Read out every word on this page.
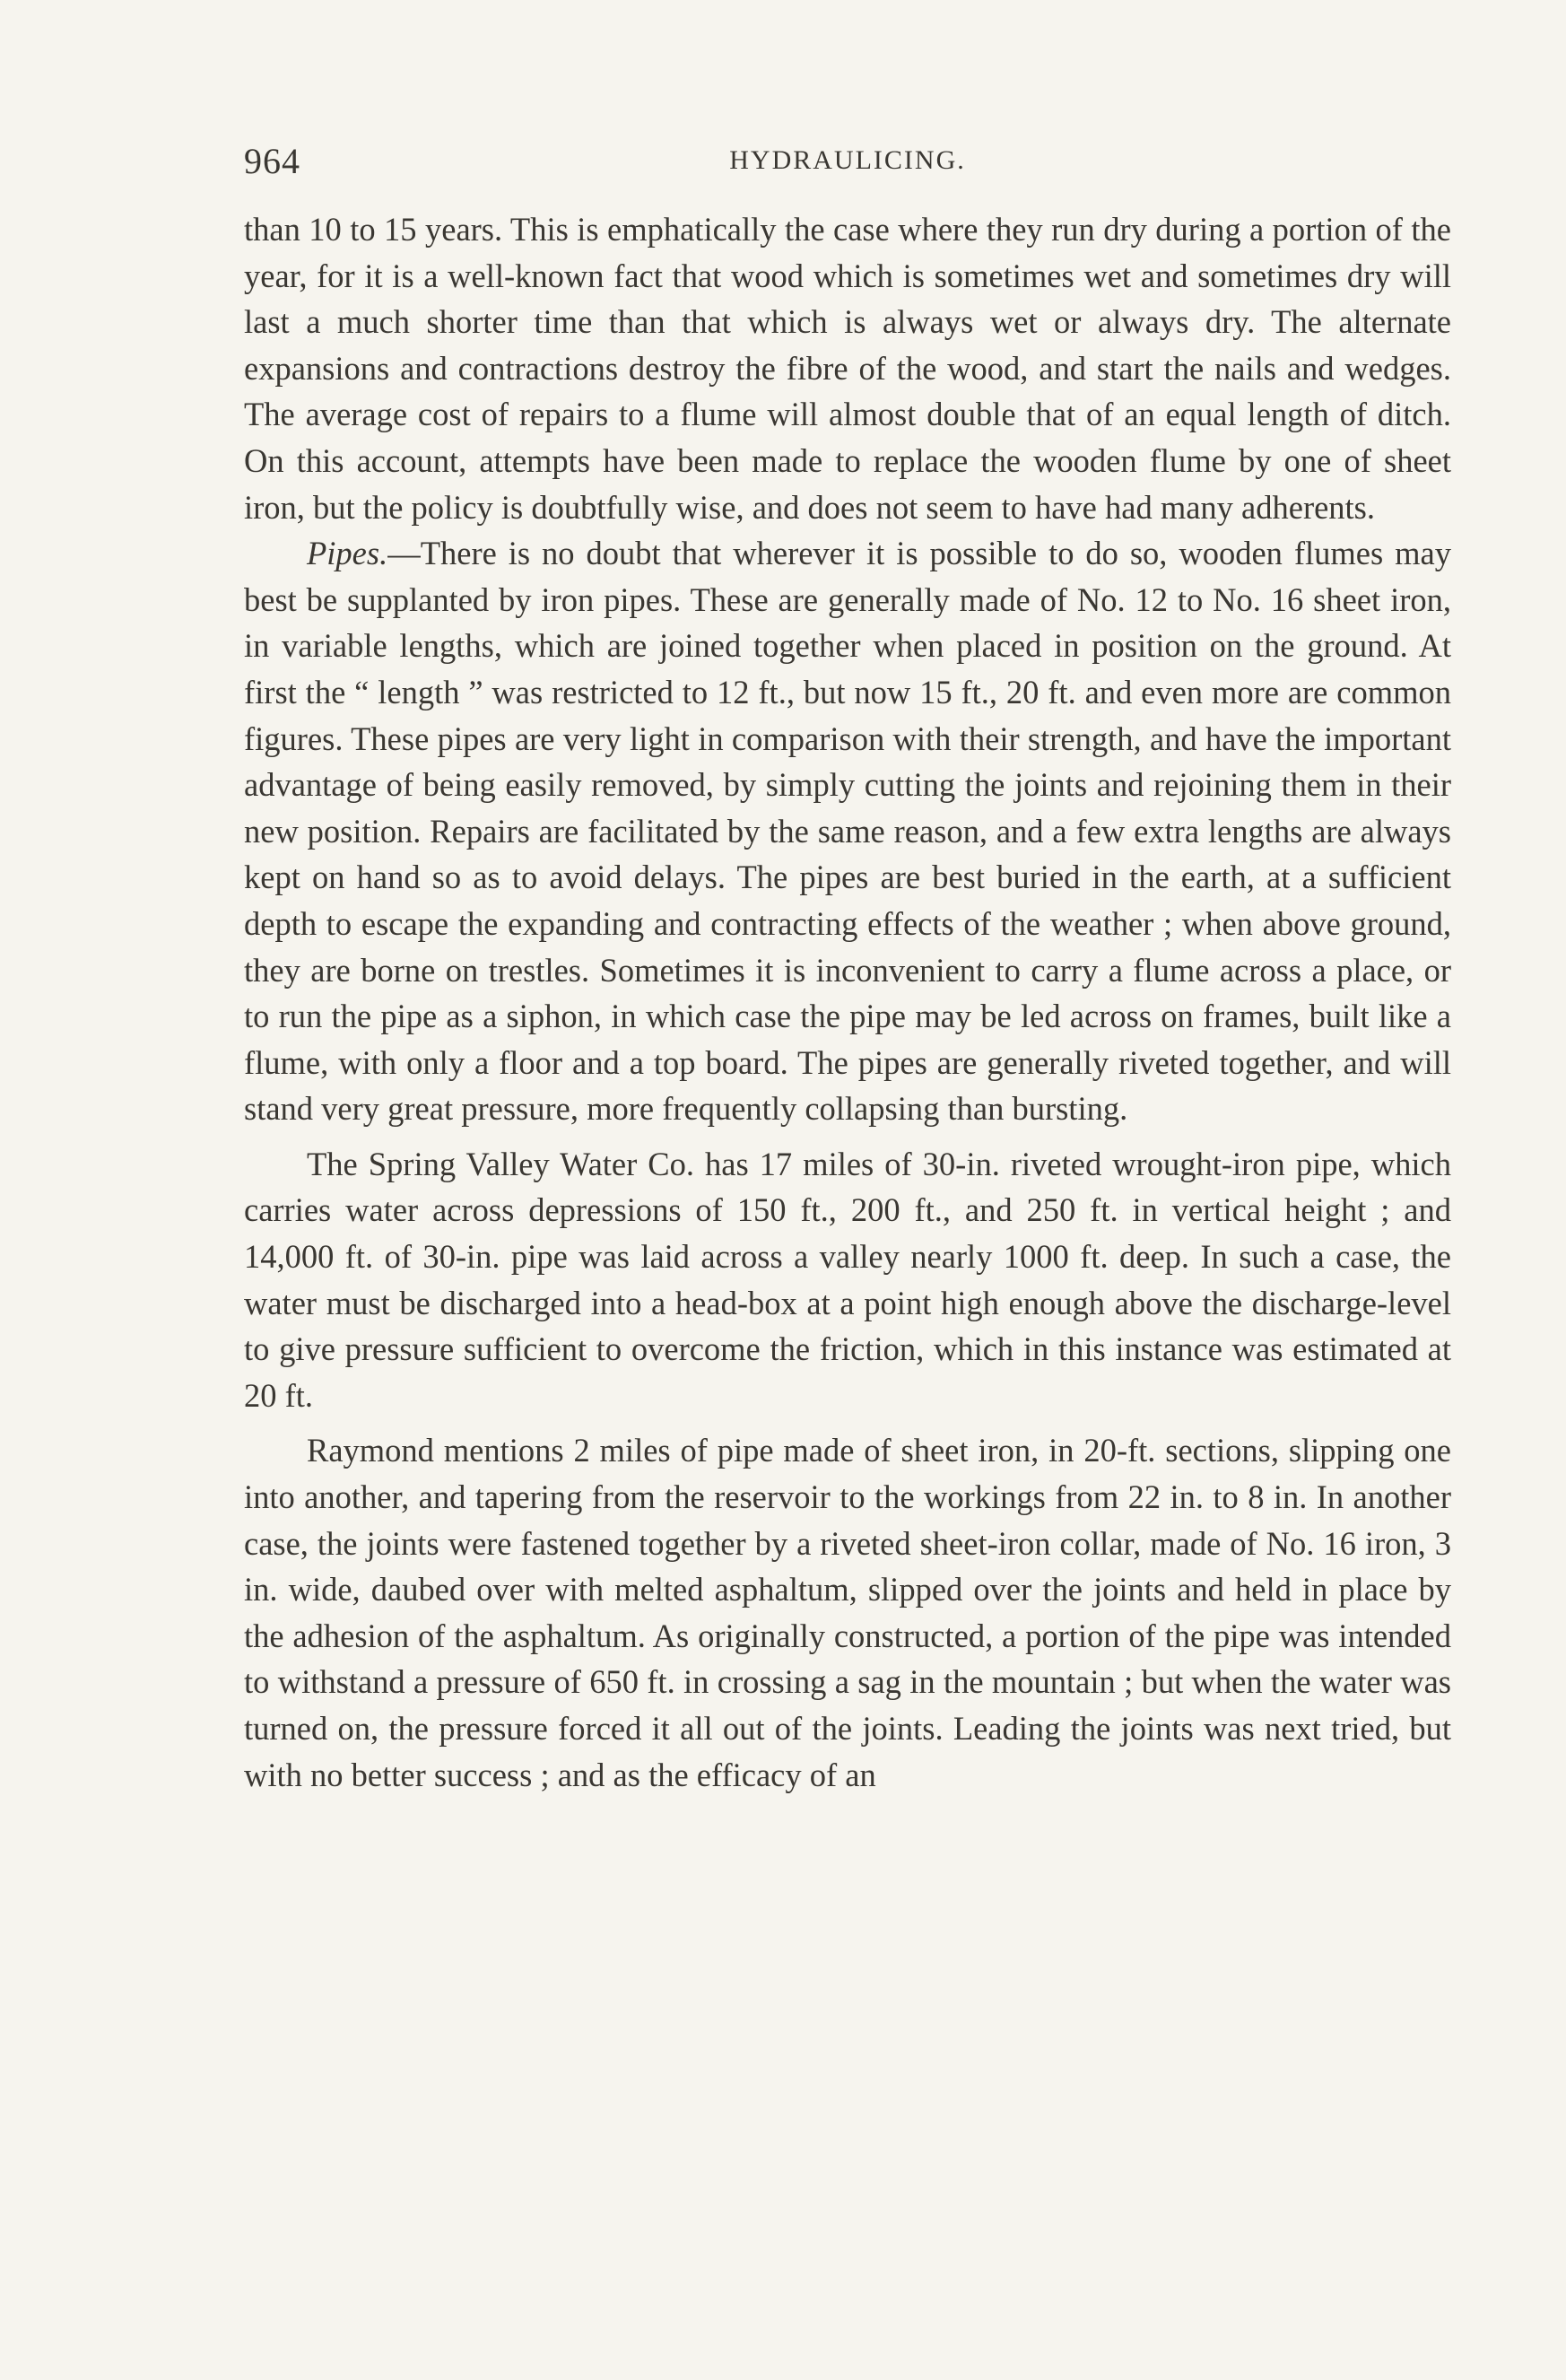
964	HYDRAULICING.

than 10 to 15 years. This is emphatically the case where they run dry during a portion of the year, for it is a well-known fact that wood which is sometimes wet and sometimes dry will last a much shorter time than that which is always wet or always dry. The alternate expansions and contractions destroy the fibre of the wood, and start the nails and wedges. The average cost of repairs to a flume will almost double that of an equal length of ditch. On this account, attempts have been made to replace the wooden flume by one of sheet iron, but the policy is doubtfully wise, and does not seem to have had many adherents.

Pipes.—There is no doubt that wherever it is possible to do so, wooden flumes may best be supplanted by iron pipes. These are generally made of No. 12 to No. 16 sheet iron, in variable lengths, which are joined together when placed in position on the ground. At first the “ length ” was restricted to 12 ft., but now 15 ft., 20 ft. and even more are common figures. These pipes are very light in comparison with their strength, and have the important advantage of being easily removed, by simply cutting the joints and rejoining them in their new position. Repairs are facilitated by the same reason, and a few extra lengths are always kept on hand so as to avoid delays. The pipes are best buried in the earth, at a sufficient depth to escape the expanding and contracting effects of the weather ; when above ground, they are borne on trestles. Sometimes it is inconvenient to carry a flume across a place, or to run the pipe as a siphon, in which case the pipe may be led across on frames, built like a flume, with only a floor and a top board. The pipes are generally riveted together, and will stand very great pressure, more frequently collapsing than bursting.

The Spring Valley Water Co. has 17 miles of 30-in. riveted wrought-iron pipe, which carries water across depressions of 150 ft., 200 ft., and 250 ft. in vertical height ; and 14,000 ft. of 30-in. pipe was laid across a valley nearly 1000 ft. deep. In such a case, the water must be discharged into a head-box at a point high enough above the discharge-level to give pressure sufficient to overcome the friction, which in this instance was estimated at 20 ft.

Raymond mentions 2 miles of pipe made of sheet iron, in 20-ft. sections, slipping one into another, and tapering from the reservoir to the workings from 22 in. to 8 in. In another case, the joints were fastened together by a riveted sheet-iron collar, made of No. 16 iron, 3 in. wide, daubed over with melted asphaltum, slipped over the joints and held in place by the adhesion of the asphaltum. As originally constructed, a portion of the pipe was intended to withstand a pressure of 650 ft. in crossing a sag in the mountain ; but when the water was turned on, the pressure forced it all out of the joints. Leading the joints was next tried, but with no better success ; and as the efficacy of an
